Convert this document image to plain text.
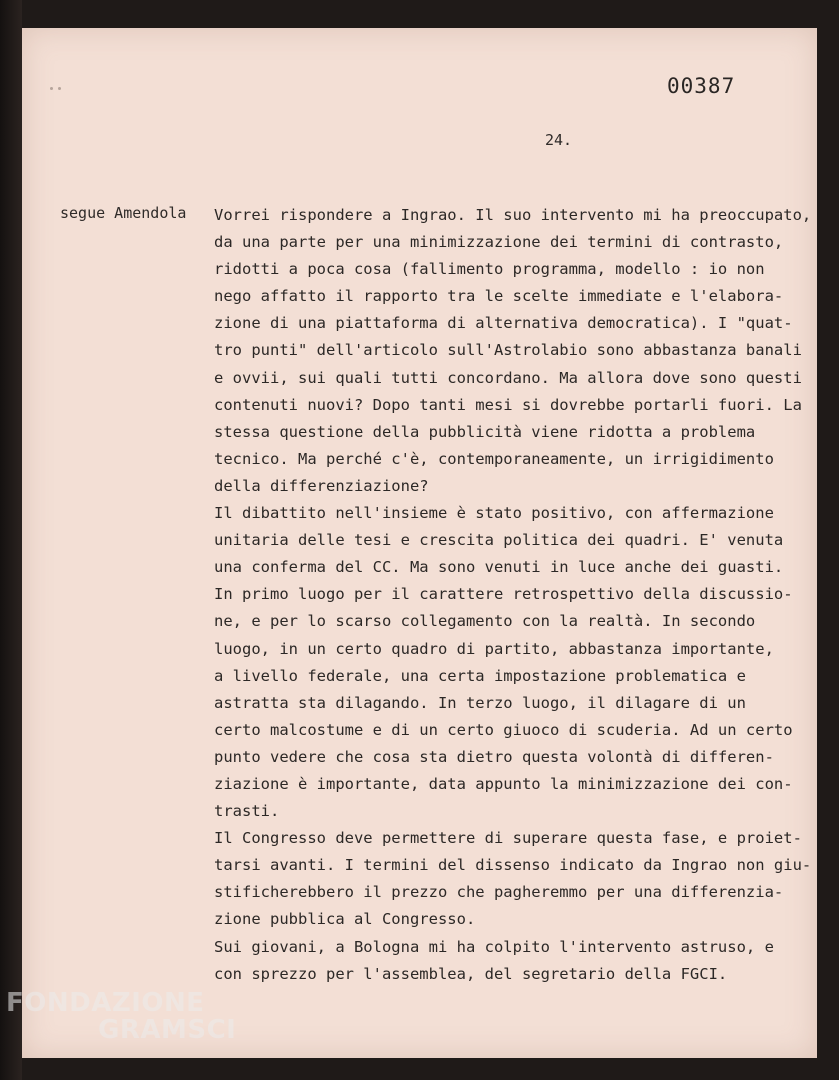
00387
24.
segue Amendola Vorrei rispondere a Ingrao. Il suo intervento mi ha preoccupato,
da una parte per una minimizzazione dei termini di contrasto,
ridotti a poca cosa (fallimento programma, modello : io non
nego affatto il rapporto tra le scelte immediate e l'elabora-
zione di una piattaforma di alternativa democratica). I "quat-
tro punti" dell'articolo sull'Astrolabio sono abbastanza banali
e ovvii, sui quali tutti concordano. Ma allora dove sono questi
contenuti nuovi? Dopo tanti mesi si dovrebbe portarli fuori. La
stessa questione della pubblicità viene ridotta a problema
tecnico. Ma perché c'è, contemporaneamente, un irrigidimento
della differenziazione?
Il dibattito nell'insieme è stato positivo, con affermazione
unitaria delle tesi e crescita politica dei quadri. E' venuta
una conferma del CC. Ma sono venuti in luce anche dei guasti.
In primo luogo per il carattere retrospettivo della discussio-
ne, e per lo scarso collegamento con la realtà. In secondo
luogo, in un certo quadro di partito, abbastanza importante,
a livello federale, una certa impostazione problematica e
astratta sta dilagando. In terzo luogo, il dilagare di un
certo malcostume e di un certo giuoco di scuderia. Ad un certo
punto vedere che cosa sta dietro questa volontà di differen-
ziazione è importante, data appunto la minimizzazione dei con-
trasti.
Il Congresso deve permettere di superare questa fase, e proiet-
tarsi avanti. I termini del dissenso indicato da Ingrao non giu-
stificherebbero il prezzo che pagheremmo per una differenzia-
zione pubblica al Congresso.
Sui giovani, a Bologna mi ha colpito l'intervento astruso, e
con sprezzo per l'assemblea, del segretario della FGCI.
FONDAZIONE
GRAMSCI
